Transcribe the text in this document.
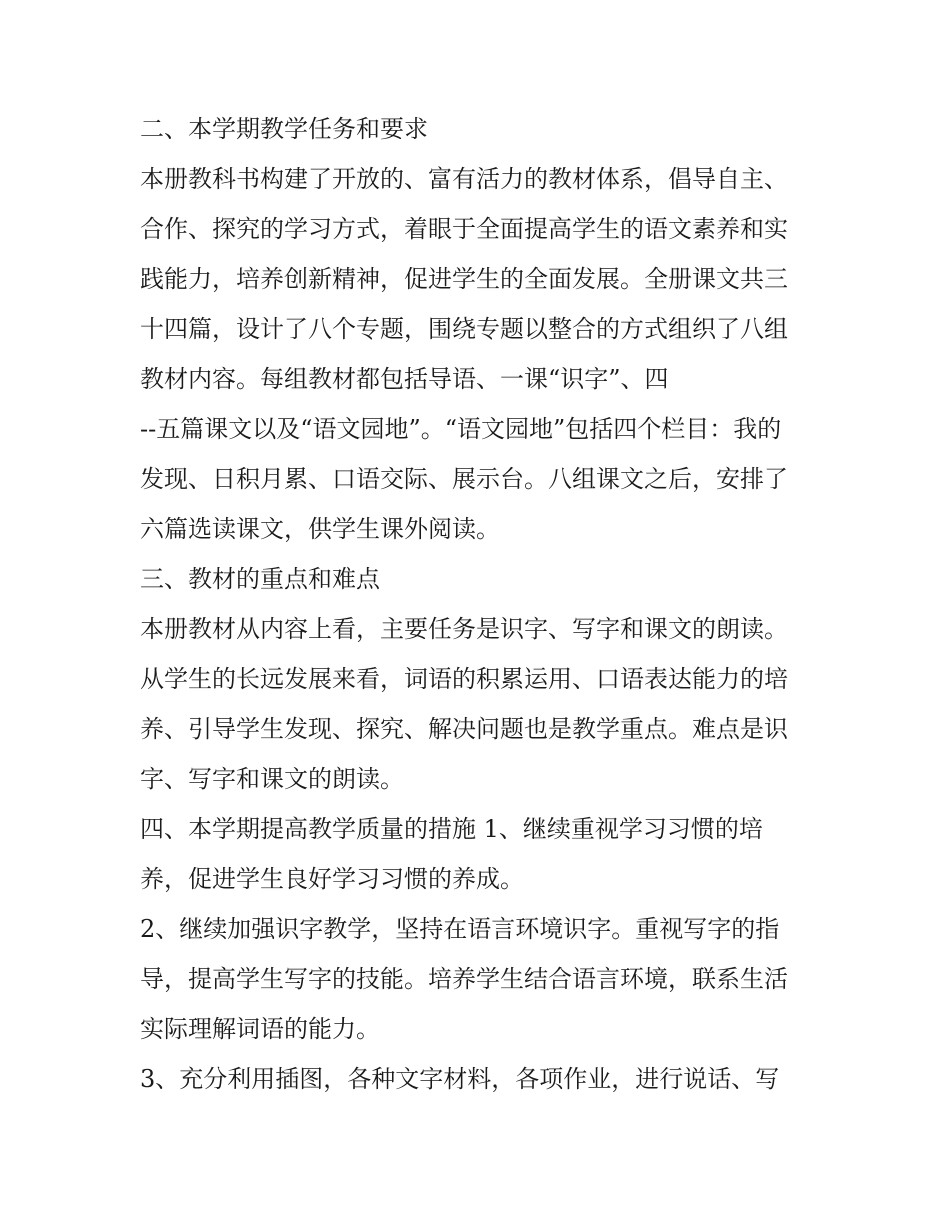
二、本学期教学任务和要求
本册教科书构建了开放的、富有活力的教材体系，倡导自主、
合作、探究的学习方式，着眼于全面提高学生的语文素养和实
践能力，培养创新精神，促进学生的全面发展。全册课文共三
十四篇，设计了八个专题，围绕专题以整合的方式组织了八组
教材内容。每组教材都包括导语、一课“识字”、四
--五篇课文以及“语文园地”。“语文园地”包括四个栏目：我的
发现、日积月累、口语交际、展示台。八组课文之后，安排了
六篇选读课文，供学生课外阅读。
三、教材的重点和难点
本册教材从内容上看，主要任务是识字、写字和课文的朗读。
从学生的长远发展来看，词语的积累运用、口语表达能力的培
养、引导学生发现、探究、解决问题也是教学重点。难点是识
字、写字和课文的朗读。
四、本学期提高教学质量的措施 1、继续重视学习习惯的培
养，促进学生良好学习习惯的养成。
2、继续加强识字教学，坚持在语言环境识字。重视写字的指
导，提高学生写字的技能。培养学生结合语言环境，联系生活
实际理解词语的能力。
3、充分利用插图，各种文字材料，各项作业，进行说话、写
